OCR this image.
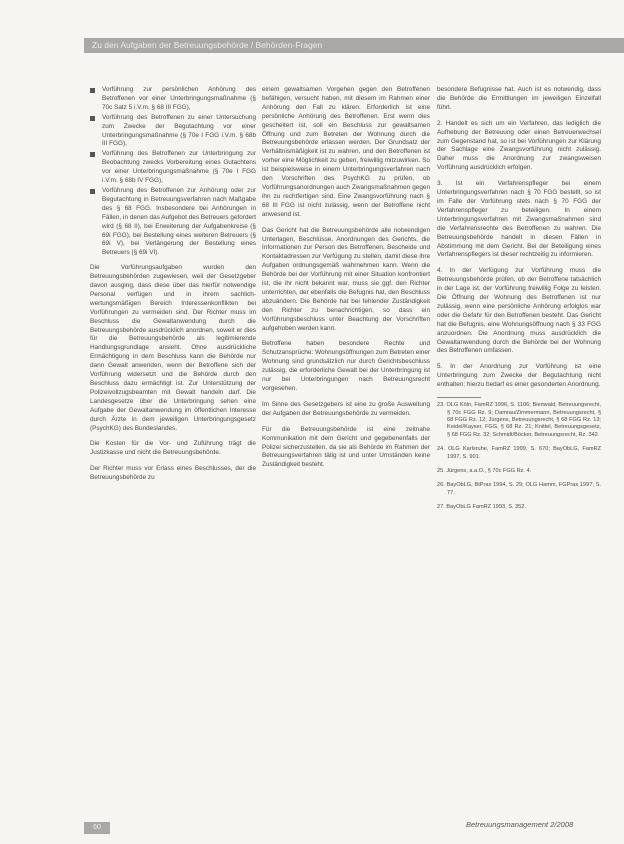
Zu den Aufgaben der Betreuungsbehörde / Behörden-Fragen
Vorführung zur persönlichen Anhörung des Betroffenen vor einer Unterbringungsmaßnahme (§ 70c Satz 5 i.V.m. § 68 III FGG),
Vorführung des Betroffenen zu einer Untersuchung zum Zwecke der Begutachtung vor einer Unterbringungsmaßnahme (§ 70e I FGG i.V.m. § 68b III FGG),
Vorführung des Betroffenen zur Unterbringung zur Beobachtung zwecks Vorbereitung eines Gutachtens vor einer Unterbringungsmaßnahme (§ 70e I FGG i.V.m. § 68b IV FGG),
Vorführung des Betroffenen zur Anhörung oder zur Begutachtung in Betreuungsverfahren nach Maßgabe des § 68 FGG. Insbesondere bei Anhörungen in Fällen, in denen das Aufgebot des Betreuers gefordert wird (§ 68 II), bei Erweiterung der Aufgabenkreise (§ 69i FGG), bei Bestellung eines weiteren Betreuers (§ 69i V), bei Verlängerung der Bestellung eines Betreuers (§ 69i VI).

Die Vorführungsaufgaben wurden den Betreuungsbehörden zugewiesen, weil der Gesetzgeber davon ausging, dass diese über das hierfür notwendige Personal verfügen und in ihrem sachlich-wertungsmäßigen Bereich Interessenkonflikten bei Vorführungen zu vermeiden sind. Der Richter muss im Beschluss die Gewaltanwendung durch die Betreuungsbehörde ausdrücklich anordnen, soweit er dies für die Betreuungsbehörde als legitimierende Handlungsgrundlage ansieht. Ohne ausdrückliche Ermächtigung in dem Beschluss kann die Behörde nur dann Gewalt anwenden, wenn der Betroffene sich der Vorführung widersetzt und die Behörde durch den Beschluss dazu ermächtigt ist. Zur Unterstützung der Polizeivollzugsbeamten mit Gewalt handeln darf. Die Landesgesetze über die Unterbringung sehen eine Aufgabe der Gewaltanwendung im öffentlichen Interesse durch Ärzte in dem jeweiligen Unterbringungsgesetz (PsychKG) des Bundeslandes.

Die Kosten für die Vor- und Zuführung trägt die Justizkasse und nicht die Betreuungsbehörde.

Der Richter muss vor Erlass eines Beschlusses, der die Betreuungsbehörde zu

einem gewaltsamen Vorgehen gegen den Betroffenen befähigen, versucht haben, mit diesem im Rahmen einer Anhörung den Fall zu klären. Erforderlich ist eine persönliche Anhörung des Betroffenen. Erst wenn dies gescheitert ist, soll ein Beschluss zur gewaltsamen Öffnung und zum Betreten der Wohnung durch die Betreuungsbehörde erlassen werden. Der Grundsatz der Verhältnismäßigkeit ist zu wahren, und den Betroffenen ist vorher eine Möglichkeit zu geben, freiwillig mitzuwirken. So ist beispielsweise in einem Unterbringungsverfahren nach den Vorschriften des PsychKG zu prüfen, ob Vorführungsanordnungen auch Zwangsmaßnahmen gegen ihn zu rechtfertigen sind. Eine Zwangsvorführung nach § 68 III FGG ist nicht zulässig, wenn der Betroffene nicht anwesend ist.

Das Gericht hat die Betreuungsbehörde alle notwendigen Unterlagen, Beschlüsse, Anordnungen des Gerichts, die Informationen zur Person des Betroffenen, Bescheide und Kontaktadressen zur Verfügung zu stellen, damit diese ihre Aufgaben ordnungsgemäß wahrnehmen kann. Wenn die Behörde bei der Vorführung mit einer Situation konfrontiert ist, die ihr nicht bekannt war, muss sie ggf. den Richter unterrichten, der ebenfalls die Befugnis hat, den Beschluss abzuändern. Die Behörde hat bei fehlender Zuständigkeit den Richter zu benachrichtigen, so dass ein Vorführungsbeschluss unter Beachtung der Vorschriften aufgehoben werden kann.

Betroffene haben besondere Rechte und Schutzansprüche: Wohnungsöffnungen zum Betreten einer Wohnung sind grundsätzlich nur durch Gerichtsbeschluss zulässig, die erforderliche Gewalt bei der Unterbringung ist nur bei Unterbringungen nach Betreuungsrecht vorgesehen.

Im Sinne des Gesetzgebers ist eine zu große Ausweitung der Aufgaben der Betreuungsbehörde zu vermeiden.

Für die Betreuungsbehörde ist eine zeitnahe Kommunikation mit dem Gericht und gegebenenfalls der Polizei sicherzustellen, da sie als Behörde im Rahmen der Betreuungsverfahren tätig ist und unter Umständen keine Zuständigkeit besteht.

besondere Befugnisse hat. Auch ist es notwendig, dass die Behörde die Ermittlungen im jeweiligen Einzelfall führt.

2. Handelt es sich um ein Verfahren, das lediglich die Aufhebung der Betreuung oder einen Betreuerwechsel zum Gegenstand hat, so ist bei Vorführungen zur Klärung der Sachlage eine Zwangsvorführung nicht zulässig. Daher muss die Anordnung zur zwangsweisen Vorführung ausdrücklich erfolgen.

3. Ist ein Verfahrenspfleger bei einem Unterbringungsverfahren nach § 70 FGG bestellt, so ist im Falle der Vorführung stets nach § 70 FGG der Verfahrenspfleger zu beteiligen. In einem Unterbringungsverfahren mit Zwangsmaßnahmen sind die Verfahrensrechte des Betroffenen zu wahren. Die Betreuungsbehörde handelt in diesen Fällen in Abstimmung mit dem Gericht. Bei der Beteiligung eines Verfahrenspflegers ist dieser rechtzeitig zu informieren.

4. In der Verfügung zur Vorführung muss die Betreuungsbehörde prüfen, ob der Betroffene tatsächlich in der Lage ist, der Vorführung freiwillig Folge zu leisten. Die Öffnung der Wohnung des Betroffenen ist nur zulässig, wenn eine persönliche Anhörung erfolglos war oder die Gefahr für den Betroffenen besteht. Das Gericht hat die Befugnis, eine Wohnungsöffnung nach § 33 FGG anzuordnen. Die Anordnung muss ausdrücklich die Gewaltanwendung durch die Behörde bei der Wohnung des Betroffenen umfassen.

5. In der Anordnung zur Vorführung ist eine Unterbringung zum Zwecke der Begutachtung nicht enthalten; hierzu bedarf es einer gesonderten Anordnung.

23. OLG Köln, FamRZ 1996, S. 1106; Bienwald, Betreuungsrecht, § 70c FGG Rz. 9; Damrau/Zimmermann, Betreuungsrecht, § 68 FGG Rz. 12; Jürgens, Betreuungsrecht, § 68 FGG Rz. 13; Keidel/Kayser, FGG, § 68 Rz. 21; Knittel, Betreuungsgesetz, § 68 FGG Rz. 32; Schmidt/Böcker, Betreuungsrecht, Rz. 342.

24. OLG Karlsruhe, FamRZ 1999, S. 670; BayObLG, FamRZ 1997, S. 901.

25. Jürgens, a.a.O., § 70c FGG Rz. 4.

26. BayObLG, BtPrax 1994, S. 29; OLG Hamm, FGPrax 1997, S. 77.

27. BayObLG FamRZ 1993, S. 352.

60	Betreuungsmanagement 2/2008
